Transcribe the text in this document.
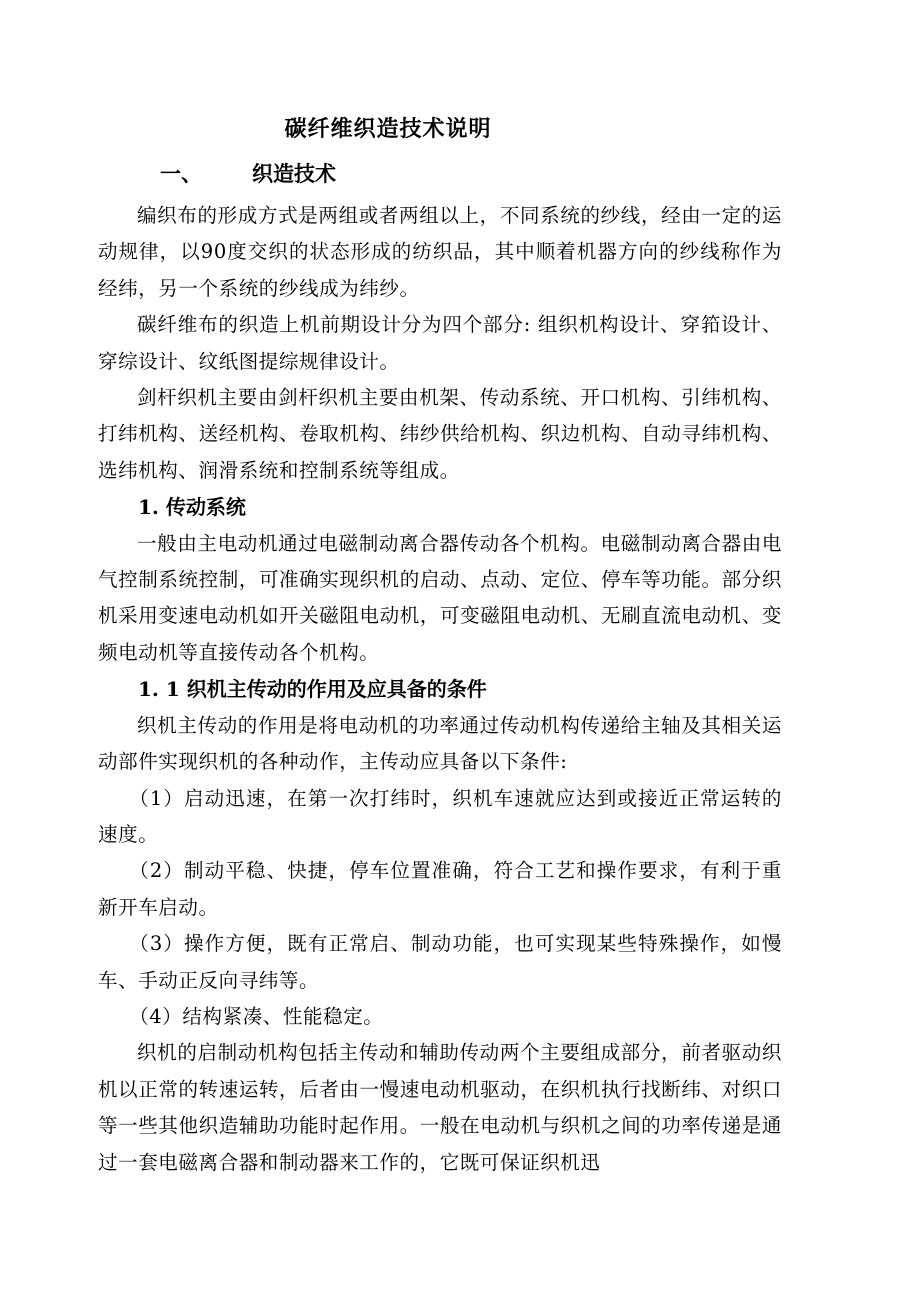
碳纤维织造技术说明
一、 织造技术

编织布的形成方式是两组或者两组以上，不同系统的纱线，经由一定的运动规律，以90度交织的状态形成的纺织品，其中顺着机器方向的纱线称作为经纬，另一个系统的纱线成为纬纱。

碳纤维布的织造上机前期设计分为四个部分: 组织机构设计、穿筘设计、穿综设计、纹纸图提综规律设计。

剑杆织机主要由剑杆织机主要由机架、传动系统、开口机构、引纬机构、打纬机构、送经机构、卷取机构、纬纱供给机构、织边机构、自动寻纬机构、选纬机构、润滑系统和控制系统等组成。

1. 传动系统

一般由主电动机通过电磁制动离合器传动各个机构。电磁制动离合器由电气控制系统控制，可准确实现织机的启动、点动、定位、停车等功能。部分织机采用变速电动机如开关磁阻电动机，可变磁阻电动机、无刷直流电动机、变频电动机等直接传动各个机构。

1. 1 织机主传动的作用及应具备的条件

织机主传动的作用是将电动机的功率通过传动机构传递给主轴及其相关运动部件实现织机的各种动作，主传动应具备以下条件:

（1）启动迅速，在第一次打纬时，织机车速就应达到或接近正常运转的速度。

（2）制动平稳、快捷，停车位置准确，符合工艺和操作要求，有利于重新开车启动。

（3）操作方便，既有正常启、制动功能，也可实现某些特殊操作，如慢车、手动正反向寻纬等。

（4）结构紧凑、性能稳定。

织机的启制动机构包括主传动和辅助传动两个主要组成部分，前者驱动织机以正常的转速运转，后者由一慢速电动机驱动，在织机执行找断纬、对织口等一些其他织造辅助功能时起作用。一般在电动机与织机之间的功率传递是通过一套电磁离合器和制动器来工作的，它既可保证织机迅
